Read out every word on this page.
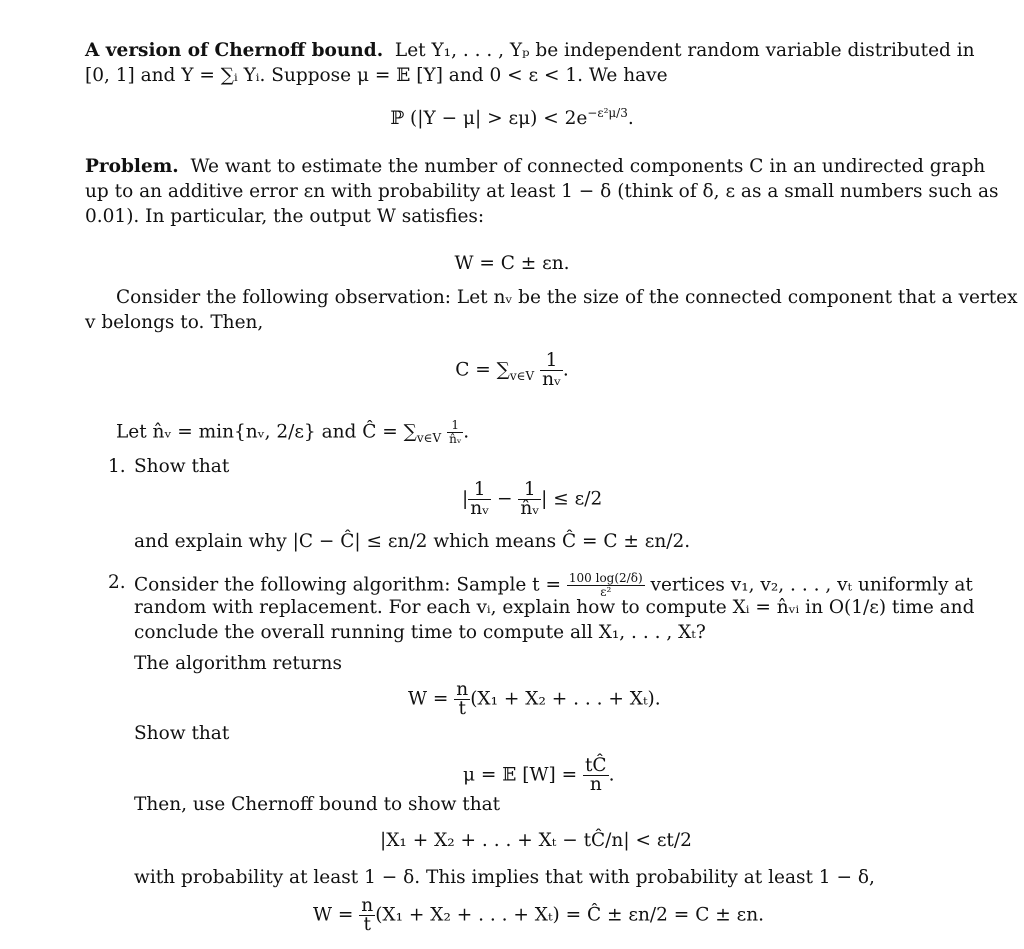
A version of Chernoff bound. Let Y₁, . . . , Yₚ be independent random variable distributed in
[0, 1] and Y = ∑ᵢ Yᵢ. Suppose μ = 𝔼 [Y] and 0 < ε < 1. We have
ℙ $(|Y - \mu| > \varepsilon\mu) < 2e^{-\varepsilon^2\mu/3}$.
Problem. We want to estimate the number of connected components C in an undirected graph
up to an additive error εn with probability at least 1 − δ (think of δ, ε as a small numbers such as
0.01). In particular, the output W satisfies:
W = C ± εn.
Consider the following observation: Let nᵥ be the size of the connected component that a vertex
v belongs to. Then,
$C = \sum_{v\in V} \frac{1}{\text{nᵥ}}$ .
Let n̂ᵥ = min{nᵥ, 2/ε} and Ĉ = $\sum_{v\in V} \frac{1}{\text{n̂ᵥ}}$ .
1. Show that
| $\frac{1}{\text{nᵥ}} - \frac{1}{\text{n̂ᵥ}}$ | ≤ ε/2
and explain why |C − Ĉ| ≤ εn/2 which means Ĉ = C ± εn/2.
2. Consider the following algorithm: Sample $t = \frac{100 \log(2/\delta)}{\text{ε²}}$ vertices v₁, v₂, . . . , vₜ uniformly at
random with replacement. For each vᵢ, explain how to compute Xᵢ = n̂ᵥᵢ in O(1/ε) time and
conclude the overall running time to compute all X₁, . . . , Xₜ?
The algorithm returns
$W = \frac{n}{t} (X_1 + X_2$ + . . . + Xₜ).
Show that
μ = 𝔼 $[W] = \frac{tĈ}{n}$ .
Then, use Chernoff bound to show that
|X₁ + X₂ + . . . + Xₜ − tĈ/n| < εt/2
with probability at least 1 − δ. This implies that with probability at least 1 − δ,
$W = \frac{n}{t} (X_1 + X_2$ + . . . + Xₜ) = Ĉ ± εn/2 = C ± εn.
